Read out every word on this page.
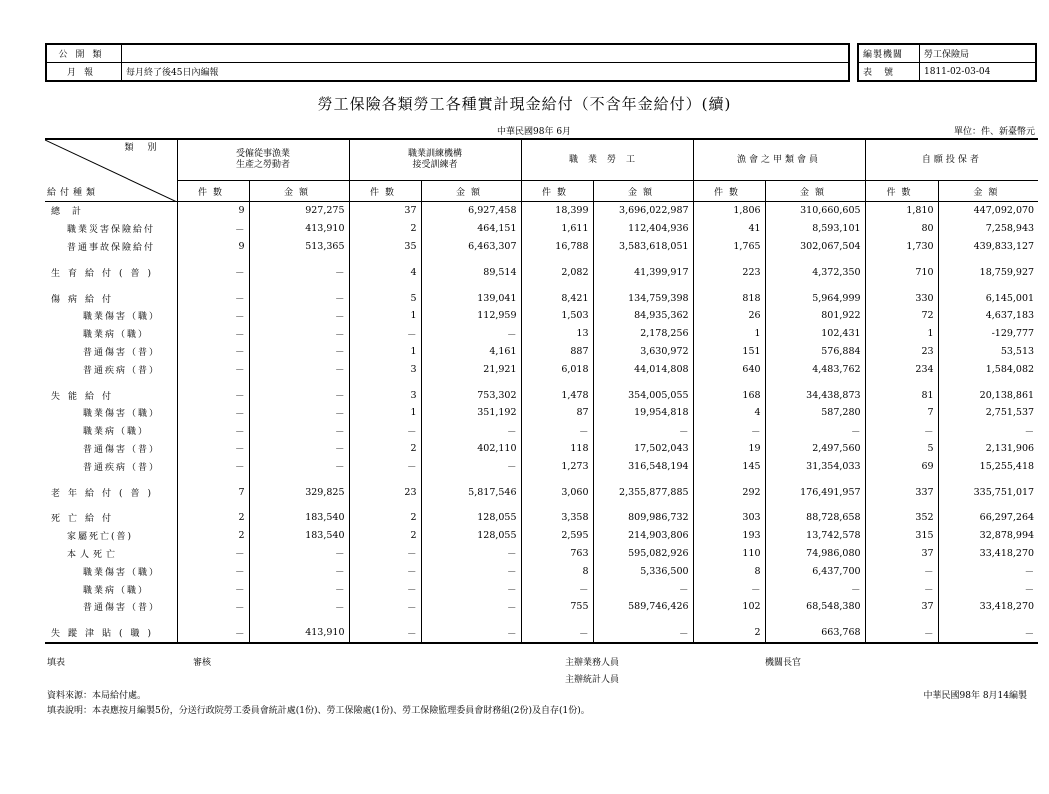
公開類	
月報	每月終了後45日內編報
編製機關	勞工保險局
表號	1811-02-03-04
勞工保險各類勞工各種實計現金給付（不含年金給付）(續)
中華民國98年 6月	單位：件、新臺幣元
類別
給付種類	受僱從事漁業
生產之勞動者		職業訓練機構
接受訓練者		職業勞工		漁會之甲類會員		自願投保者	
	件數	金額	件數	金額	件數	金額	件數	金額	件數	金額
總計	9	927,275	37	6,927,458	18,399	3,696,022,987	1,806	310,660,605	1,810	447,092,070
職業災害保險給付	－	413,910	2	464,151	1,611	112,404,936	41	8,593,101	80	7,258,943
普通事故保險給付	9	513,365	35	6,463,307	16,788	3,583,618,051	1,765	302,067,504	1,730	439,833,127

生育給付(普)	－	－	4	89,514	2,082	41,399,917	223	4,372,350	710	18,759,927

傷病給付	－	－	5	139,041	8,421	134,759,398	818	5,964,999	330	6,145,001
職業傷害（職）	－	－	1	112,959	1,503	84,935,362	26	801,922	72	4,637,183
職業病（職）	－	－	－	－	13	2,178,256	1	102,431	1	-129,777
普通傷害（普）	－	－	1	4,161	887	3,630,972	151	576,884	23	53,513
普通疾病（普）	－	－	3	21,921	6,018	44,014,808	640	4,483,762	234	1,584,082

失能給付	－	－	3	753,302	1,478	354,005,055	168	34,438,873	81	20,138,861
職業傷害（職）	－	－	1	351,192	87	19,954,818	4	587,280	7	2,751,537
職業病（職）	－	－	－	－	－	－	－	－	－	－
普通傷害（普）	－	－	2	402,110	118	17,502,043	19	2,497,560	5	2,131,906
普通疾病（普）	－	－	－	－	1,273	316,548,194	145	31,354,033	69	15,255,418

老年給付(普)	7	329,825	23	5,817,546	3,060	2,355,877,885	292	176,491,957	337	335,751,017

死亡給付	2	183,540	2	128,055	3,358	809,986,732	303	88,728,658	352	66,297,264
家屬死亡(普)	2	183,540	2	128,055	2,595	214,903,806	193	13,742,578	315	32,878,994
本人死亡	－	－	－	－	763	595,082,926	110	74,986,080	37	33,418,270
職業傷害（職）	－	－	－	－	8	5,336,500	8	6,437,700	－	－
職業病（職）	－	－	－	－	－	－	－	－	－	－
普通傷害（普）	－	－	－	－	755	589,746,426	102	68,548,380	37	33,418,270

失蹤津貼(職)	－	413,910	－	－	－	－	2	663,768	－	－
填表	審核	主辦業務人員	機關長官
主辦統計人員
資料來源：本局給付處。	中華民國98年 8月14編製
填表說明：本表應按月編製5份，分送行政院勞工委員會統計處(1份)、勞工保險處(1份)、勞工保險監理委員會財務組(2份)及自存(1份)。
